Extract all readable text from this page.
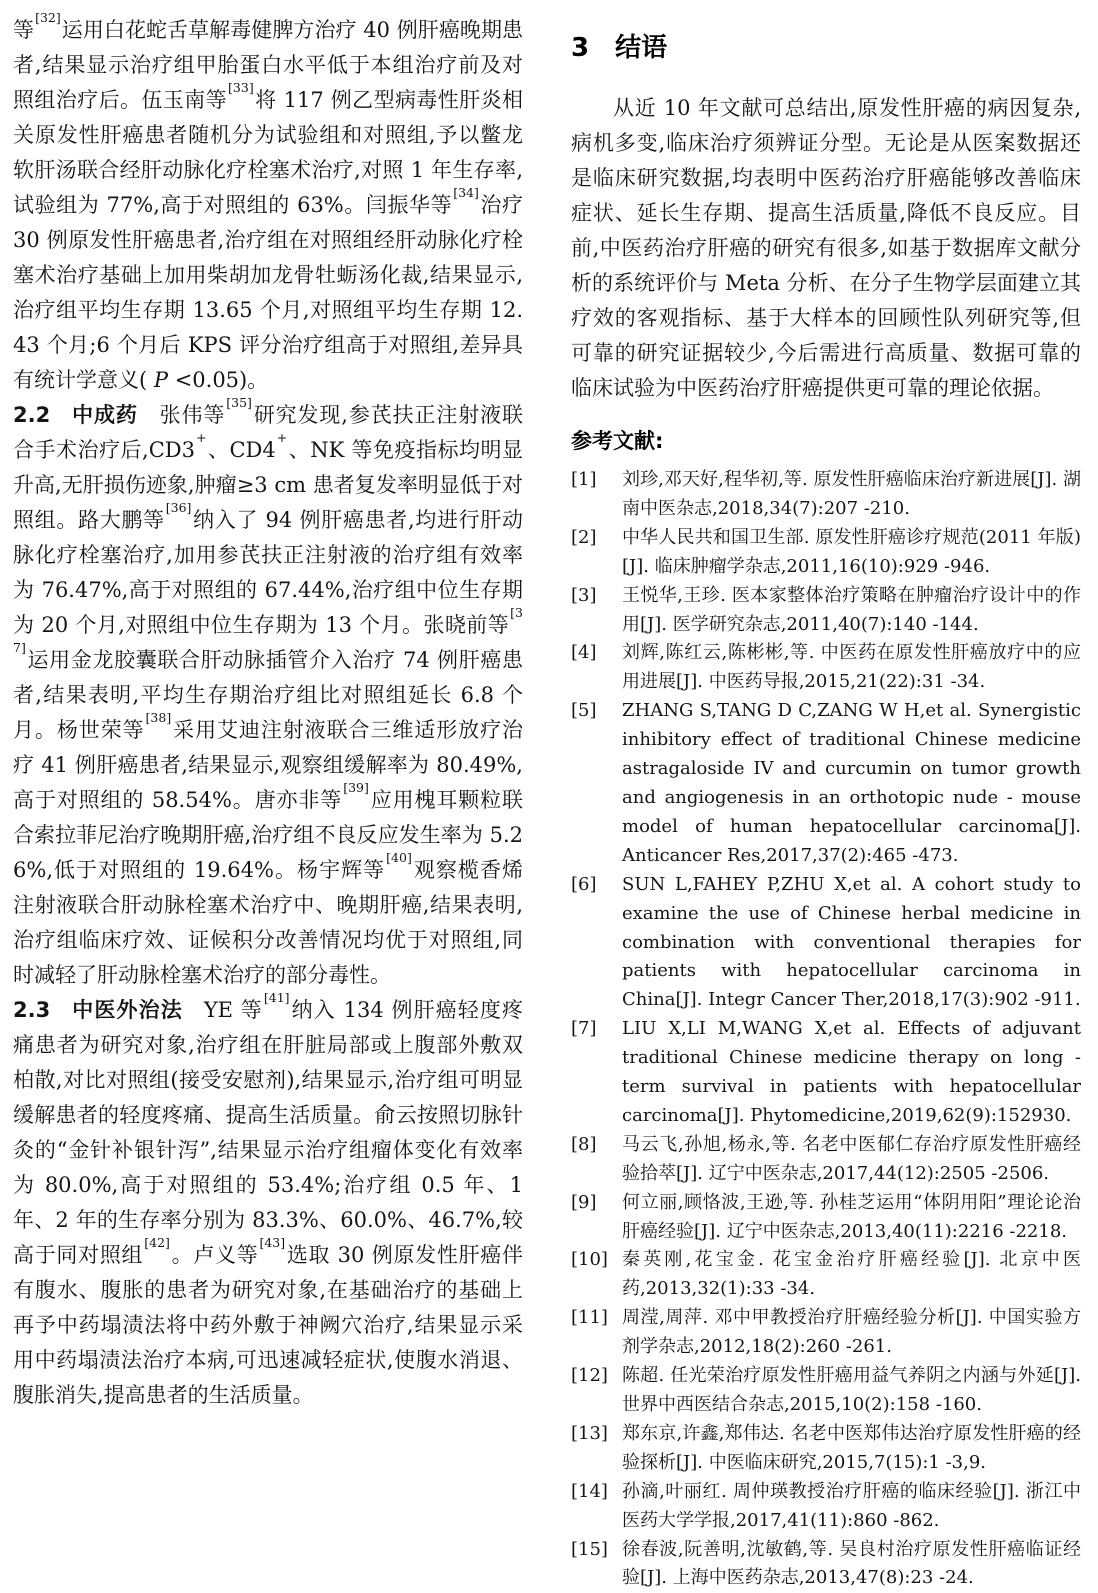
等[32]运用白花蛇舌草解毒健脾方治疗 40 例肝癌晚期患者,结果显示治疗组甲胎蛋白水平低于本组治疗前及对照组治疗后。伍玉南等[33]将 117 例乙型病毒性肝炎相关原发性肝癌患者随机分为试验组和对照组,予以鳖龙软肝汤联合经肝动脉化疗栓塞术治疗,对照 1 年生存率,试验组为 77%,高于对照组的 63%。闫振华等[34]治疗 30 例原发性肝癌患者,治疗组在对照组经肝动脉化疗栓塞术治疗基础上加用柴胡加龙骨牡蛎汤化裁,结果显示,治疗组平均生存期 13.65 个月,对照组平均生存期 12.43 个月;6 个月后 KPS 评分治疗组高于对照组,差异具有统计学意义( P <0.05)。

2.2 中成药 张伟等[35]研究发现,参芪扶正注射液联合手术治疗后,CD3+、CD4+、NK 等免疫指标均明显升高,无肝损伤迹象,肿瘤≥3 cm 患者复发率明显低于对照组。路大鹏等[36]纳入了 94 例肝癌患者,均进行肝动脉化疗栓塞治疗,加用参芪扶正注射液的治疗组有效率为 76.47%,高于对照组的 67.44%,治疗组中位生存期为 20 个月,对照组中位生存期为 13 个月。张晓前等[37]运用金龙胶囊联合肝动脉插管介入治疗 74 例肝癌患者,结果表明,平均生存期治疗组比对照组延长 6.8 个月。杨世荣等[38]采用艾迪注射液联合三维适形放疗治疗 41 例肝癌患者,结果显示,观察组缓解率为 80.49%,高于对照组的 58.54%。唐亦非等[39]应用槐耳颗粒联合索拉菲尼治疗晚期肝癌,治疗组不良反应发生率为 5.26%,低于对照组的 19.64%。杨宇辉等[40]观察榄香烯注射液联合肝动脉栓塞术治疗中、晚期肝癌,结果表明,治疗组临床疗效、证候积分改善情况均优于对照组,同时减轻了肝动脉栓塞术治疗的部分毒性。

2.3 中医外治法 YE 等[41]纳入 134 例肝癌轻度疼痛患者为研究对象,治疗组在肝脏局部或上腹部外敷双柏散,对比对照组(接受安慰剂),结果显示,治疗组可明显缓解患者的轻度疼痛、提高生活质量。俞云按照切脉针灸的“金针补银针泻”,结果显示治疗组瘤体变化有效率为 80.0%,高于对照组的 53.4%;治疗组 0.5 年、1 年、2 年的生存率分别为 83.3%、60.0%、46.7%,较高于同对照组[42]。卢义等[43]选取 30 例原发性肝癌伴有腹水、腹胀的患者为研究对象,在基础治疗的基础上再予中药塌渍法将中药外敷于神阙穴治疗,结果显示采用中药塌渍法治疗本病,可迅速减轻症状,使腹水消退、腹胀消失,提高患者的生活质量。

3 结语

从近 10 年文献可总结出,原发性肝癌的病因复杂,病机多变,临床治疗须辨证分型。无论是从医案数据还是临床研究数据,均表明中医药治疗肝癌能够改善临床症状、延长生存期、提高生活质量,降低不良反应。目前,中医药治疗肝癌的研究有很多,如基于数据库文献分析的系统评价与 Meta 分析、在分子生物学层面建立其疗效的客观指标、基于大样本的回顾性队列研究等,但可靠的研究证据较少,今后需进行高质量、数据可靠的临床试验为中医药治疗肝癌提供更可靠的理论依据。

参考文献:
[1]	刘珍,邓天好,程华初,等. 原发性肝癌临床治疗新进展[J]. 湖南中医杂志,2018,34(7):207 -210.
[2]	中华人民共和国卫生部. 原发性肝癌诊疗规范(2011 年版)[J]. 临床肿瘤学杂志,2011,16(10):929 -946.
[3]	王悦华,王珍. 医本家整体治疗策略在肿瘤治疗设计中的作用[J]. 医学研究杂志,2011,40(7):140 -144.
[4]	刘辉,陈红云,陈彬彬,等. 中医药在原发性肝癌放疗中的应用进展[J]. 中医药导报,2015,21(22):31 -34.
[5]	ZHANG S,TANG D C,ZANG W H,et al. Synergistic inhibitory effect of traditional Chinese medicine astragaloside IV and curcumin on tumor growth and angiogenesis in an orthotopic nude - mouse model of human hepatocellular carcinoma[J]. Anticancer Res,2017,37(2):465 -473.
[6]	SUN L,FAHEY P,ZHU X,et al. A cohort study to examine the use of Chinese herbal medicine in combination with conventional therapies for patients with hepatocellular carcinoma in China[J]. Integr Cancer Ther,2018,17(3):902 -911.
[7]	LIU X,LI M,WANG X,et al. Effects of adjuvant traditional Chinese medicine therapy on long - term survival in patients with hepatocellular carcinoma[J]. Phytomedicine,2019,62(9):152930.
[8]	马云飞,孙旭,杨永,等. 名老中医郁仁存治疗原发性肝癌经验拾萃[J]. 辽宁中医杂志,2017,44(12):2505 -2506.
[9]	何立丽,顾恪波,王逊,等. 孙桂芝运用“体阴用阳”理论论治肝癌经验[J]. 辽宁中医杂志,2013,40(11):2216 -2218.
[10] 秦英刚,花宝金. 花宝金治疗肝癌经验[J]. 北京中医药,2013,32(1):33 -34.
[11] 周滢,周萍. 邓中甲教授治疗肝癌经验分析[J]. 中国实验方剂学杂志,2012,18(2):260 -261.
[12] 陈超. 任光荣治疗原发性肝癌用益气养阴之内涵与外延[J]. 世界中西医结合杂志,2015,10(2):158 -160.
[13] 郑东京,许鑫,郑伟达. 名老中医郑伟达治疗原发性肝癌的经验探析[J]. 中医临床研究,2015,7(15):1 -3,9.
[14] 孙滴,叶丽红. 周仲瑛教授治疗肝癌的临床经验[J]. 浙江中医药大学学报,2017,41(11):860 -862.
[15] 徐春波,阮善明,沈敏鹤,等. 吴良村治疗原发性肝癌临证经验[J]. 上海中医药杂志,2013,47(8):23 -24.
